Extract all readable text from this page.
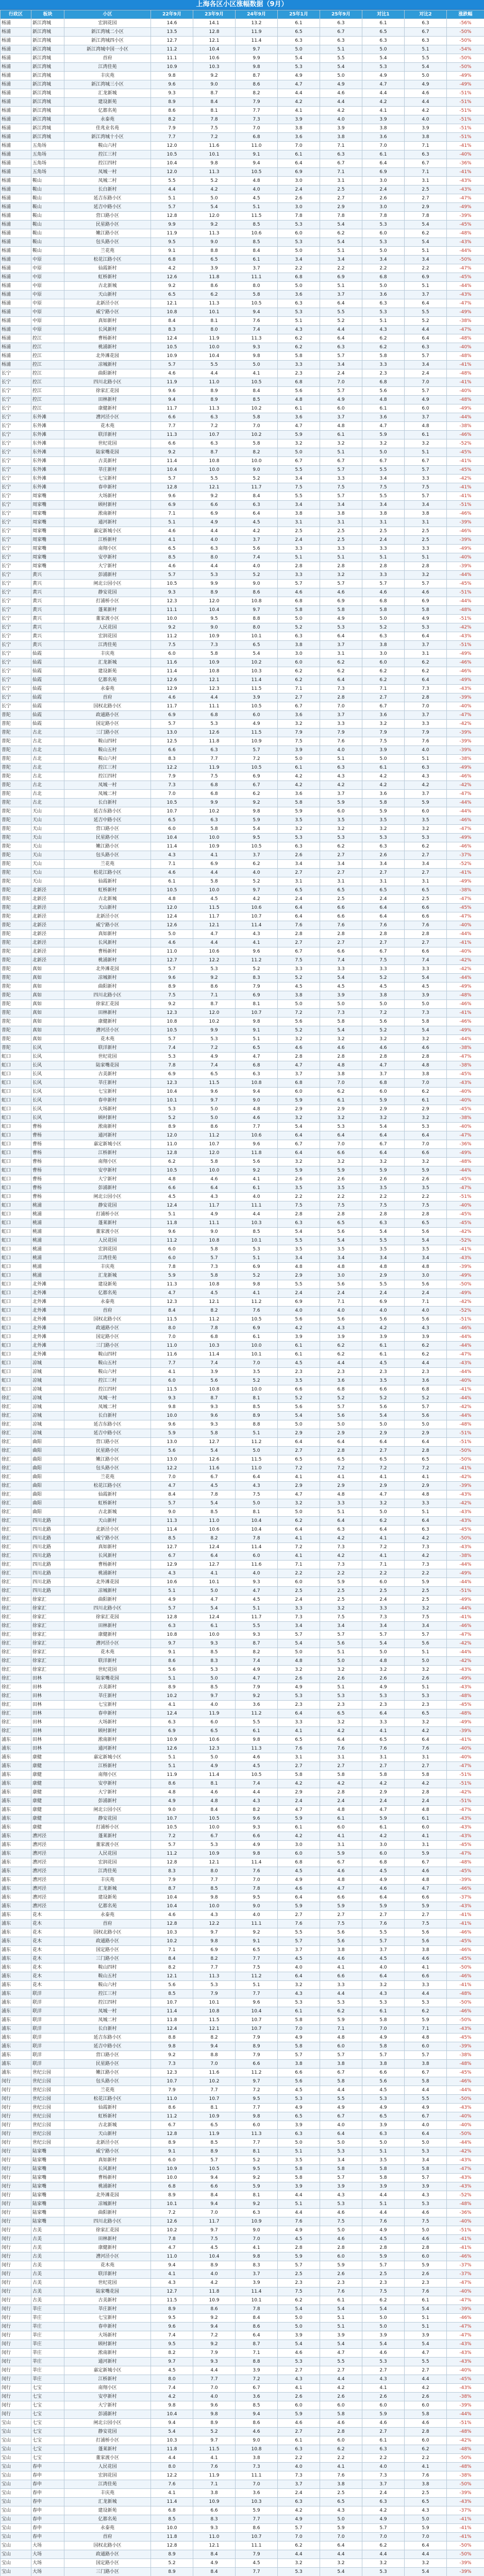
上海各区小区涨幅数据（9月）
行政区	板块	小区	22年9月	23年9月	24年9月	25年1月	25年9月	对比1	对比2	涨跌幅
杨浦	新江湾城	宏润花园	14.6	14.1	13.2	6.1	6.3	6.1	6.3	-56%
杨浦	新江湾城	新江湾城二小区	13.5	12.8	11.9	6.5	6.7	6.5	6.7	-50%
杨浦	新江湾城	新江湾城四小区	12.7	12.1	11.4	6.3	6.3	6.3	6.3	-50%
杨浦	新江湾城	新江湾城中国一小区	11.2	10.4	9.7	5.0	5.1	5.0	5.1	-54%
杨浦	新江湾城	首府	11.1	10.6	9.9	5.4	5.5	5.4	5.5	-50%
杨浦	新江湾城	江湾佳苑	10.9	10.3	9.8	5.3	5.4	5.3	5.4	-50%
杨浦	新江湾城	丰庆苑	9.8	9.2	8.7	4.9	5.0	4.9	5.0	-49%
杨浦	新江湾城	新江湾城三小区	9.6	9.0	8.6	4.7	4.9	4.7	4.9	-49%
杨浦	新江湾城	汇龙新城	9.3	8.7	8.2	4.4	4.6	4.4	4.6	-51%
杨浦	新江湾城	建设新苑	8.9	8.4	7.9	4.2	4.4	4.2	4.4	-51%
杨浦	新江湾城	亿都名苑	8.6	8.1	7.7	4.1	4.2	4.1	4.2	-51%
杨浦	新江湾城	永泰苑	8.2	7.8	7.3	3.9	4.0	3.9	4.0	-51%
杨浦	新江湾城	佳兆业名苑	7.9	7.5	7.0	3.8	3.9	3.8	3.9	-51%
杨浦	新江湾城	新江湾城十小区	7.7	7.2	6.8	3.6	3.8	3.6	3.8	-51%
杨浦	五角场	鞍山六村	12.0	11.6	11.0	7.0	7.1	7.0	7.1	-41%
杨浦	五角场	控江三村	10.5	10.1	9.1	6.1	6.3	6.1	6.3	-40%
杨浦	五角场	控江四村	10.4	9.8	9.4	6.4	6.7	6.4	6.7	-36%
杨浦	五角场	凤城一村	12.0	11.3	10.5	6.9	7.1	6.9	7.1	-41%
杨浦	鞍山	凤城二村	5.5	5.2	4.8	3.0	3.1	3.0	3.1	-43%
杨浦	鞍山	长白新村	4.4	4.2	4.0	2.4	2.5	2.4	2.5	-43%
杨浦	鞍山	延吉东路小区	5.1	5.0	4.5	2.6	2.7	2.6	2.7	-47%
杨浦	鞍山	延吉中路小区	5.7	5.4	5.1	3.0	2.9	3.0	2.9	-49%
杨浦	鞍山	营口路小区	12.8	12.0	11.5	7.8	7.8	7.8	7.8	-39%
杨浦	鞍山	民星路小区	9.9	9.2	8.5	5.3	5.4	5.3	5.4	-45%
杨浦	鞍山	嫩江路小区	11.9	11.3	10.6	6.0	6.2	6.0	6.2	-48%
杨浦	鞍山	包头路小区	9.5	9.0	8.5	5.3	5.4	5.3	5.4	-43%
杨浦	鞍山	兰花苑	9.1	8.8	8.4	5.0	5.1	5.0	5.1	-44%
杨浦	中原	松花江路小区	6.8	6.5	6.1	3.4	3.4	3.4	3.4	-50%
杨浦	中原	仙霞新村	4.2	3.9	3.7	2.2	2.2	2.2	2.2	-47%
杨浦	中原	虹桥新村	12.6	11.8	11.1	6.8	6.9	6.8	6.9	-45%
杨浦	中原	古北新城	9.2	8.6	8.0	5.0	5.1	5.0	5.1	-44%
杨浦	中原	天山新村	6.5	6.2	5.8	3.6	3.7	3.6	3.7	-43%
杨浦	中原	北新泾小区	12.1	11.3	10.5	6.3	6.4	6.3	6.4	-47%
杨浦	中原	威宁路小区	10.8	10.1	9.4	5.3	5.5	5.3	5.5	-49%
杨浦	中原	真如新村	8.4	8.1	7.6	5.1	5.2	5.1	5.2	-38%
杨浦	中原	长风新村	8.3	8.0	7.4	4.3	4.4	4.3	4.4	-47%
杨浦	控江	曹杨新村	12.4	11.9	11.3	6.2	6.4	6.2	6.4	-48%
杨浦	控江	桃浦新村	10.5	10.0	9.3	6.2	6.3	6.2	6.3	-40%
杨浦	控江	北外滩花园	10.9	10.4	9.8	5.8	5.7	5.8	5.7	-48%
杨浦	控江	凉城新村	5.7	5.5	5.0	3.3	3.4	3.3	3.4	-41%
长宁	控江	曲阳新村	4.6	4.4	4.1	2.3	2.4	2.3	2.4	-48%
长宁	控江	四川北路小区	11.9	11.0	10.5	6.8	7.0	6.8	7.0	-41%
长宁	控江	徐家汇花园	9.6	8.9	8.4	5.6	5.7	5.6	5.7	-40%
长宁	控江	田林新村	9.4	8.9	8.5	4.8	4.9	4.8	4.9	-48%
长宁	控江	康健新村	11.7	11.3	10.2	6.1	6.0	6.1	6.0	-49%
长宁	东外滩	漕河泾小区	6.6	6.3	5.8	3.6	3.7	3.6	3.7	-44%
长宁	东外滩	花木苑	7.7	7.2	7.0	4.7	4.8	4.7	4.8	-38%
长宁	东外滩	联洋新村	11.3	10.7	10.2	5.9	6.1	5.9	6.1	-46%
长宁	东外滩	世纪花园	6.6	6.3	5.8	3.2	3.2	3.2	3.2	-52%
长宁	东外滩	陆家嘴花园	9.2	8.7	8.2	5.0	5.1	5.0	5.1	-45%
长宁	东外滩	古美新村	11.4	10.8	10.0	6.7	6.7	6.7	6.7	-41%
长宁	东外滩	莘庄新村	10.4	10.0	9.0	5.5	5.7	5.5	5.7	-45%
长宁	东外滩	七宝新村	5.7	5.5	5.2	3.4	3.3	3.4	3.3	-42%
长宁	东外滩	春申新村	12.8	12.1	11.7	7.5	7.5	7.5	7.5	-41%
长宁	周家嘴	大场新村	9.6	9.2	8.4	5.5	5.7	5.5	5.7	-41%
长宁	周家嘴	顾村新村	6.9	6.6	6.3	3.4	3.4	3.4	3.4	-51%
长宁	周家嘴	淞南新村	7.1	6.9	6.4	3.8	3.8	3.8	3.8	-46%
长宁	周家嘴	通河新村	5.1	4.9	4.5	3.1	3.1	3.1	3.1	-39%
长宁	周家嘴	嘉定新城小区	4.6	4.4	4.2	2.5	2.5	2.5	2.5	-46%
长宁	周家嘴	江桥新村	4.1	4.0	3.7	2.4	2.5	2.4	2.5	-39%
长宁	周家嘴	南翔小区	6.5	6.3	5.6	3.3	3.3	3.3	3.3	-49%
长宁	周家嘴	安亭新村	8.5	8.0	7.4	5.1	5.1	5.1	5.1	-40%
长宁	周家嘴	大宁新村	4.6	4.4	4.0	2.8	2.8	2.8	2.8	-39%
长宁	黄兴	彭浦新村	5.7	5.3	5.2	3.3	3.2	3.3	3.2	-44%
长宁	黄兴	闸北公园小区	10.5	9.9	9.0	5.7	5.7	5.7	5.7	-45%
长宁	黄兴	静安花园	9.3	8.9	8.6	4.6	4.6	4.6	4.6	-51%
长宁	黄兴	打浦桥小区	12.3	12.0	10.8	6.8	6.9	6.8	6.9	-44%
长宁	黄兴	蓬莱新村	11.1	10.4	9.7	5.8	5.8	5.8	5.8	-48%
长宁	黄兴	董家渡小区	10.0	9.5	8.8	5.0	4.9	5.0	4.9	-51%
长宁	黄兴	人民花园	9.2	9.0	8.0	5.2	5.3	5.2	5.3	-42%
长宁	黄兴	宏润花园	11.2	10.9	10.1	6.3	6.4	6.3	6.4	-43%
长宁	黄兴	江湾佳苑	7.5	7.3	6.5	3.8	3.7	3.8	3.7	-51%
长宁	仙霞	丰庆苑	6.0	5.8	5.4	3.0	3.1	3.0	3.1	-49%
长宁	仙霞	汇龙新城	11.6	10.9	10.2	6.0	6.2	6.0	6.2	-46%
长宁	仙霞	建设新苑	11.4	10.8	10.3	6.2	6.2	6.2	6.2	-46%
长宁	仙霞	亿都名苑	12.6	12.1	11.4	6.2	6.4	6.2	6.4	-49%
长宁	仙霞	永泰苑	12.9	12.3	11.5	7.1	7.3	7.1	7.3	-43%
长宁	仙霞	首府	4.6	4.4	3.9	2.7	2.8	2.7	2.8	-39%
长宁	仙霞	国权北路小区	11.7	11.1	10.5	6.7	7.0	6.7	7.0	-40%
普陀	仙霞	政通路小区	6.9	6.8	6.0	3.6	3.7	3.6	3.7	-47%
普陀	仙霞	国定路小区	5.7	5.3	4.9	3.2	3.3	3.2	3.3	-42%
普陀	古北	三门路小区	13.0	12.6	11.5	7.9	7.9	7.9	7.9	-39%
普陀	古北	鞍山四村	12.5	11.8	10.9	7.5	7.6	7.5	7.6	-39%
普陀	古北	鞍山五村	6.6	6.3	5.7	3.9	4.0	3.9	4.0	-39%
普陀	古北	鞍山六村	8.3	7.7	7.2	5.0	5.1	5.0	5.1	-38%
普陀	古北	控江三村	12.2	11.9	10.5	6.1	6.3	6.1	6.3	-49%
普陀	古北	控江四村	7.9	7.5	6.9	4.2	4.3	4.2	4.3	-46%
普陀	古北	凤城一村	7.3	6.8	6.7	4.2	4.2	4.2	4.2	-42%
普陀	古北	凤城二村	7.0	6.8	6.2	3.6	3.7	3.6	3.7	-47%
普陀	古北	长白新村	10.5	9.9	9.2	5.8	5.9	5.8	5.9	-44%
普陀	天山	延吉东路小区	10.7	10.2	9.8	5.9	6.0	5.9	6.0	-44%
普陀	天山	延吉中路小区	6.5	6.3	5.9	3.5	3.5	3.5	3.5	-46%
普陀	天山	营口路小区	6.0	5.8	5.4	3.2	3.2	3.2	3.2	-47%
普陀	天山	民星路小区	10.4	10.0	9.5	5.3	5.3	5.3	5.3	-49%
普陀	天山	嫩江路小区	11.4	10.9	10.5	6.3	6.2	6.3	6.2	-46%
普陀	天山	包头路小区	4.3	4.1	3.7	2.6	2.7	2.6	2.7	-37%
普陀	天山	兰花苑	7.1	6.9	6.2	3.4	3.4	3.4	3.4	-52%
普陀	天山	松花江路小区	4.6	4.4	4.0	2.7	2.7	2.7	2.7	-41%
普陀	天山	仙霞新村	6.1	5.8	5.2	3.1	3.1	3.1	3.1	-49%
普陀	北新泾	虹桥新村	10.5	10.0	9.7	6.5	6.5	6.5	6.5	-38%
普陀	北新泾	古北新城	4.8	4.5	4.2	2.4	2.5	2.4	2.5	-47%
普陀	北新泾	天山新村	12.0	11.5	10.6	6.4	6.6	6.4	6.6	-45%
普陀	北新泾	北新泾小区	12.4	11.7	10.7	6.4	6.6	6.4	6.6	-47%
普陀	北新泾	威宁路小区	12.6	12.1	11.4	7.6	7.6	7.6	7.6	-40%
普陀	北新泾	真如新村	5.0	4.7	4.3	2.8	2.8	2.8	2.8	-44%
普陀	北新泾	长风新村	4.6	4.4	4.1	2.7	2.7	2.7	2.7	-41%
普陀	北新泾	曹杨新村	11.0	10.6	9.6	6.7	6.6	6.7	6.6	-40%
普陀	北新泾	桃浦新村	12.7	12.2	11.2	7.5	7.4	7.5	7.4	-42%
普陀	真如	北外滩花园	5.7	5.3	5.2	3.3	3.3	3.3	3.3	-42%
普陀	真如	凉城新村	9.6	9.2	8.3	5.2	5.4	5.2	5.4	-44%
普陀	真如	曲阳新村	8.9	8.6	7.9	4.5	4.5	4.5	4.5	-49%
普陀	真如	四川北路小区	7.5	7.1	6.9	3.8	3.9	3.8	3.9	-48%
普陀	真如	徐家汇花园	9.2	8.7	8.1	5.0	5.0	5.0	5.0	-46%
普陀	真如	田林新村	12.3	12.0	10.7	7.2	7.3	7.2	7.3	-41%
普陀	真如	康健新村	10.8	10.2	9.8	5.6	5.8	5.6	5.8	-46%
普陀	真如	漕河泾小区	10.5	9.9	9.1	5.2	5.4	5.2	5.4	-49%
普陀	真如	花木苑	5.7	5.3	5.1	3.2	3.2	3.2	3.2	-44%
普陀	长风	联洋新村	7.4	7.2	6.5	4.6	4.6	4.6	4.6	-38%
虹口	长风	世纪花园	5.3	4.9	4.7	2.8	2.8	2.8	2.8	-47%
虹口	长风	陆家嘴花园	7.8	7.4	6.8	4.7	4.8	4.7	4.8	-38%
虹口	长风	古美新村	6.9	6.5	6.3	3.7	3.8	3.7	3.8	-45%
虹口	长风	莘庄新村	12.3	11.5	10.8	6.8	7.0	6.8	7.0	-43%
虹口	长风	七宝新村	10.4	9.6	9.4	6.0	6.2	6.0	6.2	-40%
虹口	长风	春申新村	10.1	9.7	9.0	5.9	6.1	5.9	6.1	-40%
虹口	长风	大场新村	5.3	5.0	4.8	2.9	2.9	2.9	2.9	-45%
虹口	长风	顾村新村	5.2	5.0	4.6	3.2	3.2	3.2	3.2	-38%
虹口	曹杨	淞南新村	8.9	8.6	7.7	5.4	5.3	5.4	5.3	-40%
虹口	曹杨	通河新村	12.0	11.2	10.6	6.4	6.4	6.4	6.4	-47%
虹口	曹杨	嘉定新城小区	11.0	10.7	9.6	6.7	7.0	6.7	7.0	-36%
虹口	曹杨	江桥新村	12.8	12.0	11.8	6.4	6.6	6.4	6.6	-49%
虹口	曹杨	南翔小区	6.2	5.8	5.6	3.2	3.2	3.2	3.2	-48%
虹口	曹杨	安亭新村	10.5	10.0	9.2	5.9	5.9	5.9	5.9	-44%
虹口	曹杨	大宁新村	4.8	4.6	4.1	2.6	2.6	2.6	2.6	-45%
虹口	曹杨	彭浦新村	6.6	6.4	6.1	3.5	3.5	3.5	3.5	-47%
虹口	曹杨	闸北公园小区	4.5	4.3	4.0	2.2	2.2	2.2	2.2	-51%
虹口	桃浦	静安花园	12.4	11.7	11.1	7.5	7.5	7.5	7.5	-40%
虹口	桃浦	打浦桥小区	5.1	4.9	4.4	2.8	2.8	2.8	2.8	-45%
虹口	桃浦	蓬莱新村	11.8	11.1	10.3	6.3	6.5	6.3	6.5	-45%
虹口	桃浦	董家渡小区	9.6	9.0	8.5	5.4	5.6	5.4	5.6	-42%
虹口	桃浦	人民花园	11.2	10.8	10.1	5.5	5.4	5.5	5.4	-52%
虹口	桃浦	宏润花园	6.0	5.8	5.3	3.5	3.5	3.5	3.5	-41%
虹口	桃浦	江湾佳苑	6.0	5.7	5.1	3.4	3.4	3.4	3.4	-43%
虹口	桃浦	丰庆苑	7.8	7.3	6.9	4.8	4.8	4.8	4.8	-39%
虹口	桃浦	汇龙新城	5.9	5.8	5.2	2.9	3.0	2.9	3.0	-49%
虹口	北外滩	建设新苑	11.3	10.8	9.8	5.5	5.6	5.5	5.6	-50%
虹口	北外滩	亿都名苑	4.7	4.5	4.1	2.4	2.4	2.4	2.4	-49%
虹口	北外滩	永泰苑	12.3	12.1	11.2	6.9	7.1	6.9	7.1	-42%
虹口	北外滩	首府	8.4	8.2	7.6	4.0	4.0	4.0	4.0	-52%
虹口	北外滩	国权北路小区	11.5	11.2	10.5	5.6	5.6	5.6	5.6	-51%
虹口	北外滩	政通路小区	8.0	7.8	6.9	4.2	4.3	4.2	4.3	-46%
虹口	北外滩	国定路小区	7.0	6.8	6.1	3.9	3.9	3.9	3.9	-44%
虹口	北外滩	三门路小区	11.0	10.3	10.0	6.1	6.2	6.1	6.2	-44%
虹口	北外滩	鞍山四村	11.6	11.4	10.1	6.1	6.2	6.1	6.2	-47%
虹口	凉城	鞍山五村	7.7	7.4	7.0	4.5	4.4	4.5	4.4	-43%
虹口	凉城	鞍山六村	4.1	3.9	3.5	2.3	2.3	2.3	2.3	-44%
虹口	凉城	控江三村	6.0	5.6	5.2	3.5	3.6	3.5	3.6	-40%
虹口	凉城	控江四村	11.5	10.8	10.0	6.6	6.8	6.6	6.8	-41%
徐汇	凉城	凤城一村	9.3	8.7	8.1	5.2	5.2	5.2	5.2	-44%
徐汇	凉城	凤城二村	9.8	9.3	8.5	5.6	5.7	5.6	5.7	-42%
徐汇	凉城	长白新村	10.0	9.6	8.9	5.4	5.6	5.4	5.6	-44%
徐汇	凉城	延吉东路小区	9.6	9.3	8.8	5.0	5.0	5.0	5.0	-48%
徐汇	凉城	延吉中路小区	5.9	5.8	5.1	2.9	2.9	2.9	2.9	-51%
徐汇	曲阳	营口路小区	13.0	12.7	11.2	6.4	6.4	6.4	6.4	-51%
徐汇	曲阳	民星路小区	5.6	5.4	5.0	2.7	2.8	2.7	2.8	-50%
徐汇	曲阳	嫩江路小区	13.0	12.6	11.5	6.5	6.5	6.5	6.5	-50%
徐汇	曲阳	包头路小区	12.2	11.6	11.0	7.2	7.2	7.2	7.2	-41%
徐汇	曲阳	兰花苑	7.0	6.7	6.4	4.1	4.1	4.1	4.1	-42%
徐汇	曲阳	松花江路小区	4.7	4.5	4.3	2.9	2.9	2.9	2.9	-39%
徐汇	曲阳	仙霞新村	8.4	7.8	7.5	4.7	4.8	4.7	4.8	-43%
徐汇	曲阳	虹桥新村	5.7	5.4	5.0	3.2	3.3	3.2	3.3	-42%
徐汇	曲阳	古北新城	9.0	8.5	8.1	5.0	5.1	5.0	5.1	-43%
徐汇	四川北路	天山新村	11.3	11.0	10.4	6.2	6.4	6.2	6.4	-43%
徐汇	四川北路	北新泾小区	11.4	10.6	10.4	6.4	6.3	6.4	6.3	-45%
徐汇	四川北路	威宁路小区	8.5	8.2	7.8	4.1	4.2	4.1	4.2	-50%
徐汇	四川北路	真如新村	12.7	12.4	11.4	7.2	7.3	7.2	7.3	-43%
徐汇	四川北路	长风新村	6.7	6.4	6.0	4.1	4.2	4.1	4.2	-38%
徐汇	四川北路	曹杨新村	12.9	12.7	11.6	7.1	7.3	7.1	7.3	-44%
徐汇	四川北路	桃浦新村	4.3	4.1	4.0	2.2	2.2	2.2	2.2	-49%
徐汇	四川北路	北外滩花园	10.6	10.1	9.3	6.0	5.9	6.0	5.9	-44%
徐汇	四川北路	凉城新村	5.1	5.0	4.7	2.5	2.5	2.5	2.5	-51%
徐汇	徐家汇	曲阳新村	4.9	4.7	4.5	2.4	2.5	2.4	2.5	-49%
徐汇	徐家汇	四川北路小区	5.7	5.4	5.1	3.3	3.2	3.3	3.2	-44%
徐汇	徐家汇	徐家汇花园	12.8	12.4	11.7	7.3	7.5	7.3	7.5	-41%
徐汇	徐家汇	田林新村	6.3	6.1	5.5	3.4	3.4	3.4	3.4	-46%
徐汇	徐家汇	康健新村	10.8	10.0	9.3	5.7	5.7	5.7	5.7	-47%
徐汇	徐家汇	漕河泾小区	9.7	9.3	8.7	5.4	5.6	5.4	5.6	-42%
徐汇	徐家汇	花木苑	9.1	8.5	8.2	5.0	5.1	5.0	5.1	-44%
徐汇	徐家汇	联洋新村	8.6	8.3	7.4	4.8	5.0	4.8	5.0	-42%
徐汇	徐家汇	世纪花园	5.6	5.3	4.9	3.2	3.2	3.2	3.2	-43%
徐汇	田林	陆家嘴花园	5.1	5.0	4.7	2.6	2.6	2.6	2.6	-49%
徐汇	田林	古美新村	8.9	8.5	7.9	4.9	5.1	4.9	5.1	-43%
徐汇	田林	莘庄新村	10.2	9.7	9.2	5.3	5.3	5.3	5.3	-48%
徐汇	田林	七宝新村	4.1	4.0	3.6	2.3	2.3	2.3	2.3	-45%
徐汇	田林	春申新村	12.4	11.9	11.2	6.4	6.5	6.4	6.5	-48%
徐汇	田林	大场新村	6.3	6.0	5.5	3.3	3.2	3.3	3.2	-49%
徐汇	田林	顾村新村	6.9	6.5	6.1	4.1	4.2	4.1	4.2	-39%
浦东	田林	淞南新村	10.9	10.6	9.8	6.5	6.4	6.5	6.4	-41%
浦东	田林	通河新村	12.6	12.3	11.3	7.6	7.6	7.6	7.6	-40%
浦东	康健	嘉定新城小区	5.1	5.0	4.6	3.1	3.1	3.1	3.1	-40%
浦东	康健	江桥新村	5.1	4.9	4.5	2.7	2.7	2.7	2.7	-47%
浦东	康健	南翔小区	11.9	11.4	10.5	5.8	5.8	5.8	5.8	-51%
浦东	康健	安亭新村	8.6	8.1	7.4	4.2	4.2	4.2	4.2	-51%
浦东	康健	大宁新村	4.8	4.6	4.4	2.9	2.8	2.9	2.8	-42%
浦东	康健	彭浦新村	4.9	4.8	4.3	2.4	2.4	2.4	2.4	-51%
浦东	康健	闸北公园小区	9.0	8.4	8.2	4.7	4.8	4.7	4.8	-47%
浦东	康健	静安花园	10.7	10.5	9.6	5.9	6.1	5.9	6.1	-43%
浦东	康健	打浦桥小区	10.5	10.0	9.3	6.1	6.0	6.1	6.0	-43%
浦东	漕河泾	蓬莱新村	7.2	6.7	6.6	4.2	4.1	4.2	4.1	-43%
浦东	漕河泾	董家渡小区	5.7	5.3	4.9	3.0	3.1	3.0	3.1	-45%
浦东	漕河泾	人民花园	11.2	10.9	9.8	6.0	5.9	6.0	5.9	-47%
浦东	漕河泾	宏润花园	12.8	12.1	11.4	6.8	6.7	6.8	6.7	-48%
浦东	漕河泾	江湾佳苑	8.3	8.0	7.6	4.5	4.6	4.5	4.6	-45%
浦东	漕河泾	丰庆苑	7.9	7.7	7.0	4.9	4.8	4.9	4.8	-39%
浦东	漕河泾	汇龙新城	8.7	8.5	7.8	4.6	4.7	4.6	4.7	-46%
浦东	漕河泾	建设新苑	10.4	9.8	9.5	6.4	6.6	6.4	6.6	-37%
浦东	漕河泾	亿都名苑	10.4	10.0	9.0	5.9	5.9	5.9	5.9	-43%
浦东	花木	永泰苑	4.6	4.3	4.0	2.7	2.7	2.7	2.7	-41%
浦东	花木	首府	12.8	12.2	11.1	7.6	7.5	7.6	7.5	-41%
浦东	花木	国权北路小区	10.3	9.7	9.2	5.5	5.6	5.5	5.6	-46%
浦东	花木	政通路小区	10.2	9.8	9.1	5.7	5.6	5.7	5.6	-45%
浦东	花木	国定路小区	7.1	6.9	6.5	3.7	3.8	3.7	3.8	-46%
浦东	花木	三门路小区	8.4	8.2	7.7	4.5	4.6	4.5	4.6	-45%
浦东	花木	鞍山四村	8.2	7.7	7.5	4.0	4.1	4.0	4.1	-50%
浦东	花木	鞍山五村	12.1	11.3	11.2	6.4	6.6	6.4	6.6	-46%
浦东	花木	鞍山六村	5.6	5.3	5.1	3.2	3.3	3.2	3.3	-41%
浦东	联洋	控江三村	8.5	7.9	7.7	4.3	4.4	4.3	4.4	-48%
浦东	联洋	控江四村	10.7	10.1	9.6	5.3	5.3	5.3	5.3	-50%
浦东	联洋	凤城一村	11.4	10.8	10.4	6.1	6.2	6.1	6.2	-46%
浦东	联洋	凤城二村	11.8	11.5	10.7	5.8	5.9	5.8	5.9	-50%
浦东	联洋	长白新村	12.4	12.1	10.7	7.0	7.1	7.0	7.1	-43%
浦东	联洋	延吉东路小区	8.8	8.2	7.9	4.9	4.8	4.9	4.8	-45%
浦东	联洋	延吉中路小区	9.8	9.4	8.9	5.8	6.0	5.8	6.0	-39%
浦东	联洋	营口路小区	9.2	8.8	7.9	5.7	5.7	5.7	5.7	-38%
浦东	联洋	民星路小区	7.3	7.0	6.6	3.8	3.8	3.8	3.8	-48%
浦东	世纪公园	嫩江路小区	12.3	11.6	11.2	6.6	6.7	6.6	6.7	-45%
闵行	世纪公园	包头路小区	10.7	10.2	9.7	5.6	5.8	5.6	5.8	-46%
闵行	世纪公园	兰花苑	7.9	7.7	7.2	4.5	4.4	4.5	4.4	-44%
闵行	世纪公园	松花江路小区	11.0	10.7	9.5	5.3	5.5	5.3	5.5	-50%
闵行	世纪公园	仙霞新村	8.6	8.1	7.7	4.9	4.9	4.9	4.9	-43%
闵行	世纪公园	虹桥新村	11.2	10.9	9.8	6.5	6.7	6.5	6.7	-40%
闵行	世纪公园	古北新城	6.7	6.5	6.0	3.9	4.0	3.9	4.0	-40%
闵行	世纪公园	天山新村	12.8	11.9	11.3	6.3	6.4	6.3	6.4	-50%
闵行	世纪公园	北新泾小区	8.9	8.5	7.7	5.0	5.0	5.0	5.0	-44%
闵行	陆家嘴	威宁路小区	9.1	8.9	8.1	5.1	5.3	5.1	5.3	-42%
闵行	陆家嘴	真如新村	6.0	5.7	5.2	3.5	3.4	3.5	3.4	-43%
闵行	陆家嘴	长风新村	10.9	10.5	9.5	5.8	5.8	5.8	5.8	-47%
闵行	陆家嘴	曹杨新村	10.0	9.4	9.2	5.8	5.7	5.8	5.7	-43%
闵行	陆家嘴	桃浦新村	6.8	6.6	5.9	3.9	3.9	3.9	3.9	-43%
闵行	陆家嘴	北外滩花园	8.9	8.4	8.1	4.4	4.3	4.4	4.3	-52%
闵行	陆家嘴	凉城新村	10.1	9.4	9.2	5.1	5.3	5.1	5.3	-48%
闵行	陆家嘴	曲阳新村	7.2	7.0	6.3	4.4	4.6	4.4	4.6	-36%
闵行	陆家嘴	四川北路小区	12.6	11.7	10.9	7.6	7.5	7.6	7.5	-40%
闵行	古美	徐家汇花园	10.2	9.7	9.0	4.9	5.0	4.9	5.0	-51%
闵行	古美	田林新村	7.8	7.5	7.0	4.5	4.6	4.5	4.6	-41%
闵行	古美	康健新村	4.7	4.5	4.1	2.8	2.8	2.8	2.8	-41%
闵行	古美	漕河泾小区	11.0	10.4	9.8	5.9	6.0	5.9	6.0	-46%
闵行	古美	花木苑	9.4	8.9	8.3	5.7	5.9	5.7	5.9	-37%
闵行	古美	联洋新村	4.1	4.0	3.7	2.5	2.6	2.5	2.6	-37%
闵行	古美	世纪花园	4.3	4.2	3.9	2.3	2.3	2.3	2.3	-47%
闵行	古美	陆家嘴花园	12.7	11.8	11.4	7.5	7.6	7.5	7.6	-40%
闵行	古美	古美新村	11.5	10.9	10.1	6.2	6.1	6.2	6.1	-47%
闵行	莘庄	莘庄新村	8.9	8.6	7.8	5.4	5.4	5.4	5.4	-39%
闵行	莘庄	七宝新村	9.5	9.2	8.4	5.0	5.1	5.0	5.1	-46%
闵行	莘庄	春申新村	9.6	9.4	8.6	5.0	5.1	5.0	5.1	-47%
闵行	莘庄	大场新村	7.4	7.2	6.4	3.9	3.9	3.9	3.9	-47%
闵行	莘庄	顾村新村	9.5	9.2	8.7	5.4	5.4	5.4	5.4	-43%
闵行	莘庄	淞南新村	8.2	7.9	7.1	4.6	4.7	4.6	4.7	-43%
闵行	莘庄	通河新村	9.7	9.3	8.8	5.3	5.5	5.3	5.5	-43%
闵行	莘庄	嘉定新城小区	4.5	4.4	3.9	2.7	2.7	2.7	2.7	-40%
闵行	莘庄	江桥新村	8.0	7.7	7.2	4.3	4.4	4.3	4.4	-45%
闵行	七宝	南翔小区	7.4	7.0	6.7	4.1	4.2	4.1	4.2	-43%
闵行	七宝	安亭新村	4.2	4.0	3.6	2.6	2.6	2.6	2.6	-38%
闵行	七宝	大宁新村	9.8	9.6	8.5	6.0	6.0	6.0	6.0	-39%
闵行	七宝	彭浦新村	10.4	9.8	9.4	5.9	5.8	5.9	5.8	-44%
宝山	七宝	闸北公园小区	9.4	8.9	8.6	4.6	4.6	4.6	4.6	-51%
宝山	七宝	静安花园	5.4	5.2	4.6	2.7	2.8	2.7	2.8	-48%
宝山	七宝	打浦桥小区	10.3	9.7	9.0	6.1	6.0	6.1	6.0	-42%
宝山	七宝	蓬莱新村	11.8	11.5	10.8	6.3	6.2	6.3	6.2	-48%
宝山	七宝	董家渡小区	4.4	4.1	3.8	2.2	2.2	2.2	2.2	-50%
宝山	春申	人民花园	8.0	7.6	7.3	4.0	4.1	4.0	4.1	-48%
宝山	春申	宏润花园	12.2	11.9	11.1	7.3	7.6	7.3	7.6	-38%
宝山	春申	江湾佳苑	7.6	7.1	7.0	3.7	3.8	3.7	3.8	-50%
宝山	春申	丰庆苑	4.1	3.8	3.6	2.4	2.5	2.4	2.5	-39%
宝山	春申	汇龙新城	11.4	10.9	10.3	6.3	6.5	6.3	6.5	-43%
宝山	春申	建设新苑	6.8	6.6	5.9	4.2	4.3	4.2	4.3	-37%
宝山	春申	亿都名苑	8.5	8.3	7.7	4.9	5.0	4.9	5.0	-41%
宝山	春申	永泰苑	10.0	9.3	8.6	5.7	5.9	5.7	5.9	-41%
宝山	春申	首府	11.8	11.0	10.7	7.0	7.0	7.0	7.0	-41%
宝山	大场	国权北路小区	12.8	12.1	11.1	6.2	6.4	6.2	6.4	-50%
宝山	大场	政通路小区	8.9	8.4	7.9	4.4	4.4	4.4	4.4	-50%
宝山	大场	国定路小区	5.2	4.9	4.5	3.2	3.2	3.2	3.2	-39%
宝山	大场	三门路小区	8.9	8.4	7.7	5.3	5.4	5.3	5.4	-39%
